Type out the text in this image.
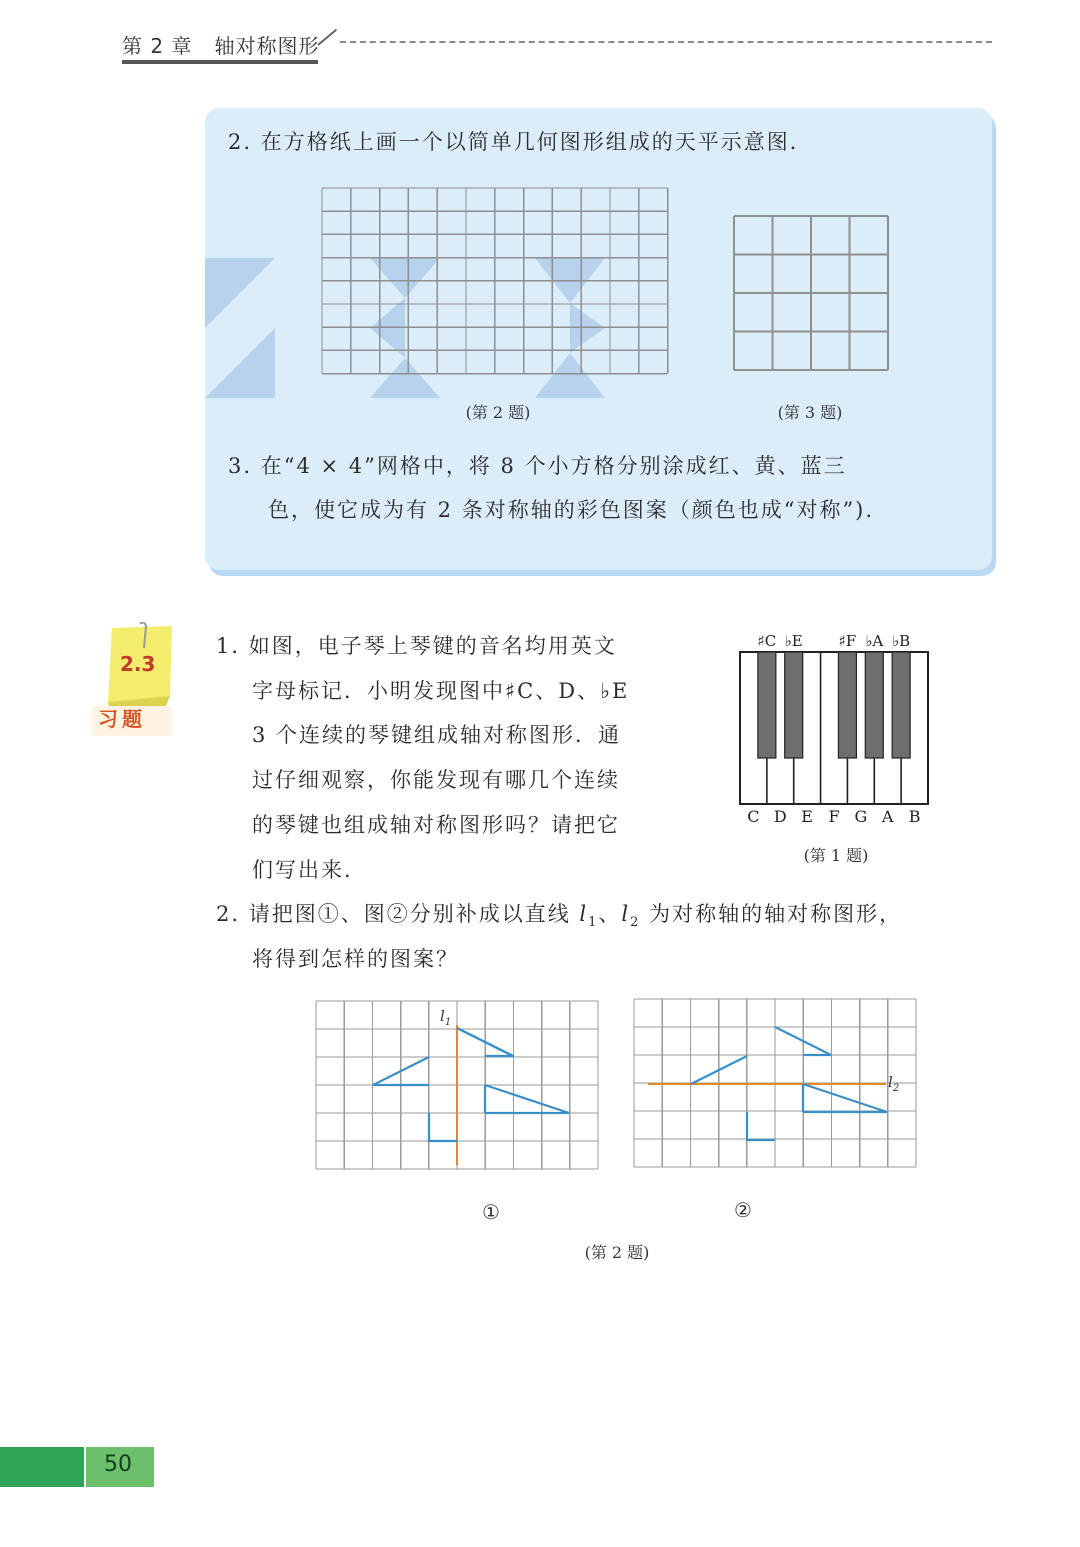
第 2 章 轴对称图形
2. 在方格纸上画一个以简单几何图形组成的天平示意图．
(第 2 题)	(第 3 题)
3. 在“4 × 4”网格中，将 8 个小方格分别涂成红、黄、蓝三
色，使它成为有 2 条对称轴的彩色图案（颜色也成“对称”).
2.3
习题
1. 如图，电子琴上琴键的音名均用英文
字母标记．小明发现图中♯C、D、♭E
3 个连续的琴键组成轴对称图形．通
过仔细观察，你能发现有哪几个连续
的琴键也组成轴对称图形吗？请把它
们写出来．
♯C ♭E ♯F ♭A ♭B
C D E F G A B
(第 1 题)
2. 请把图①、图②分别补成以直线 $l_1$、$l_2$ 为对称轴的轴对称图形，
将得到怎样的图案？
$l_1$
$l_2$
①	②
(第 2 题)
50
